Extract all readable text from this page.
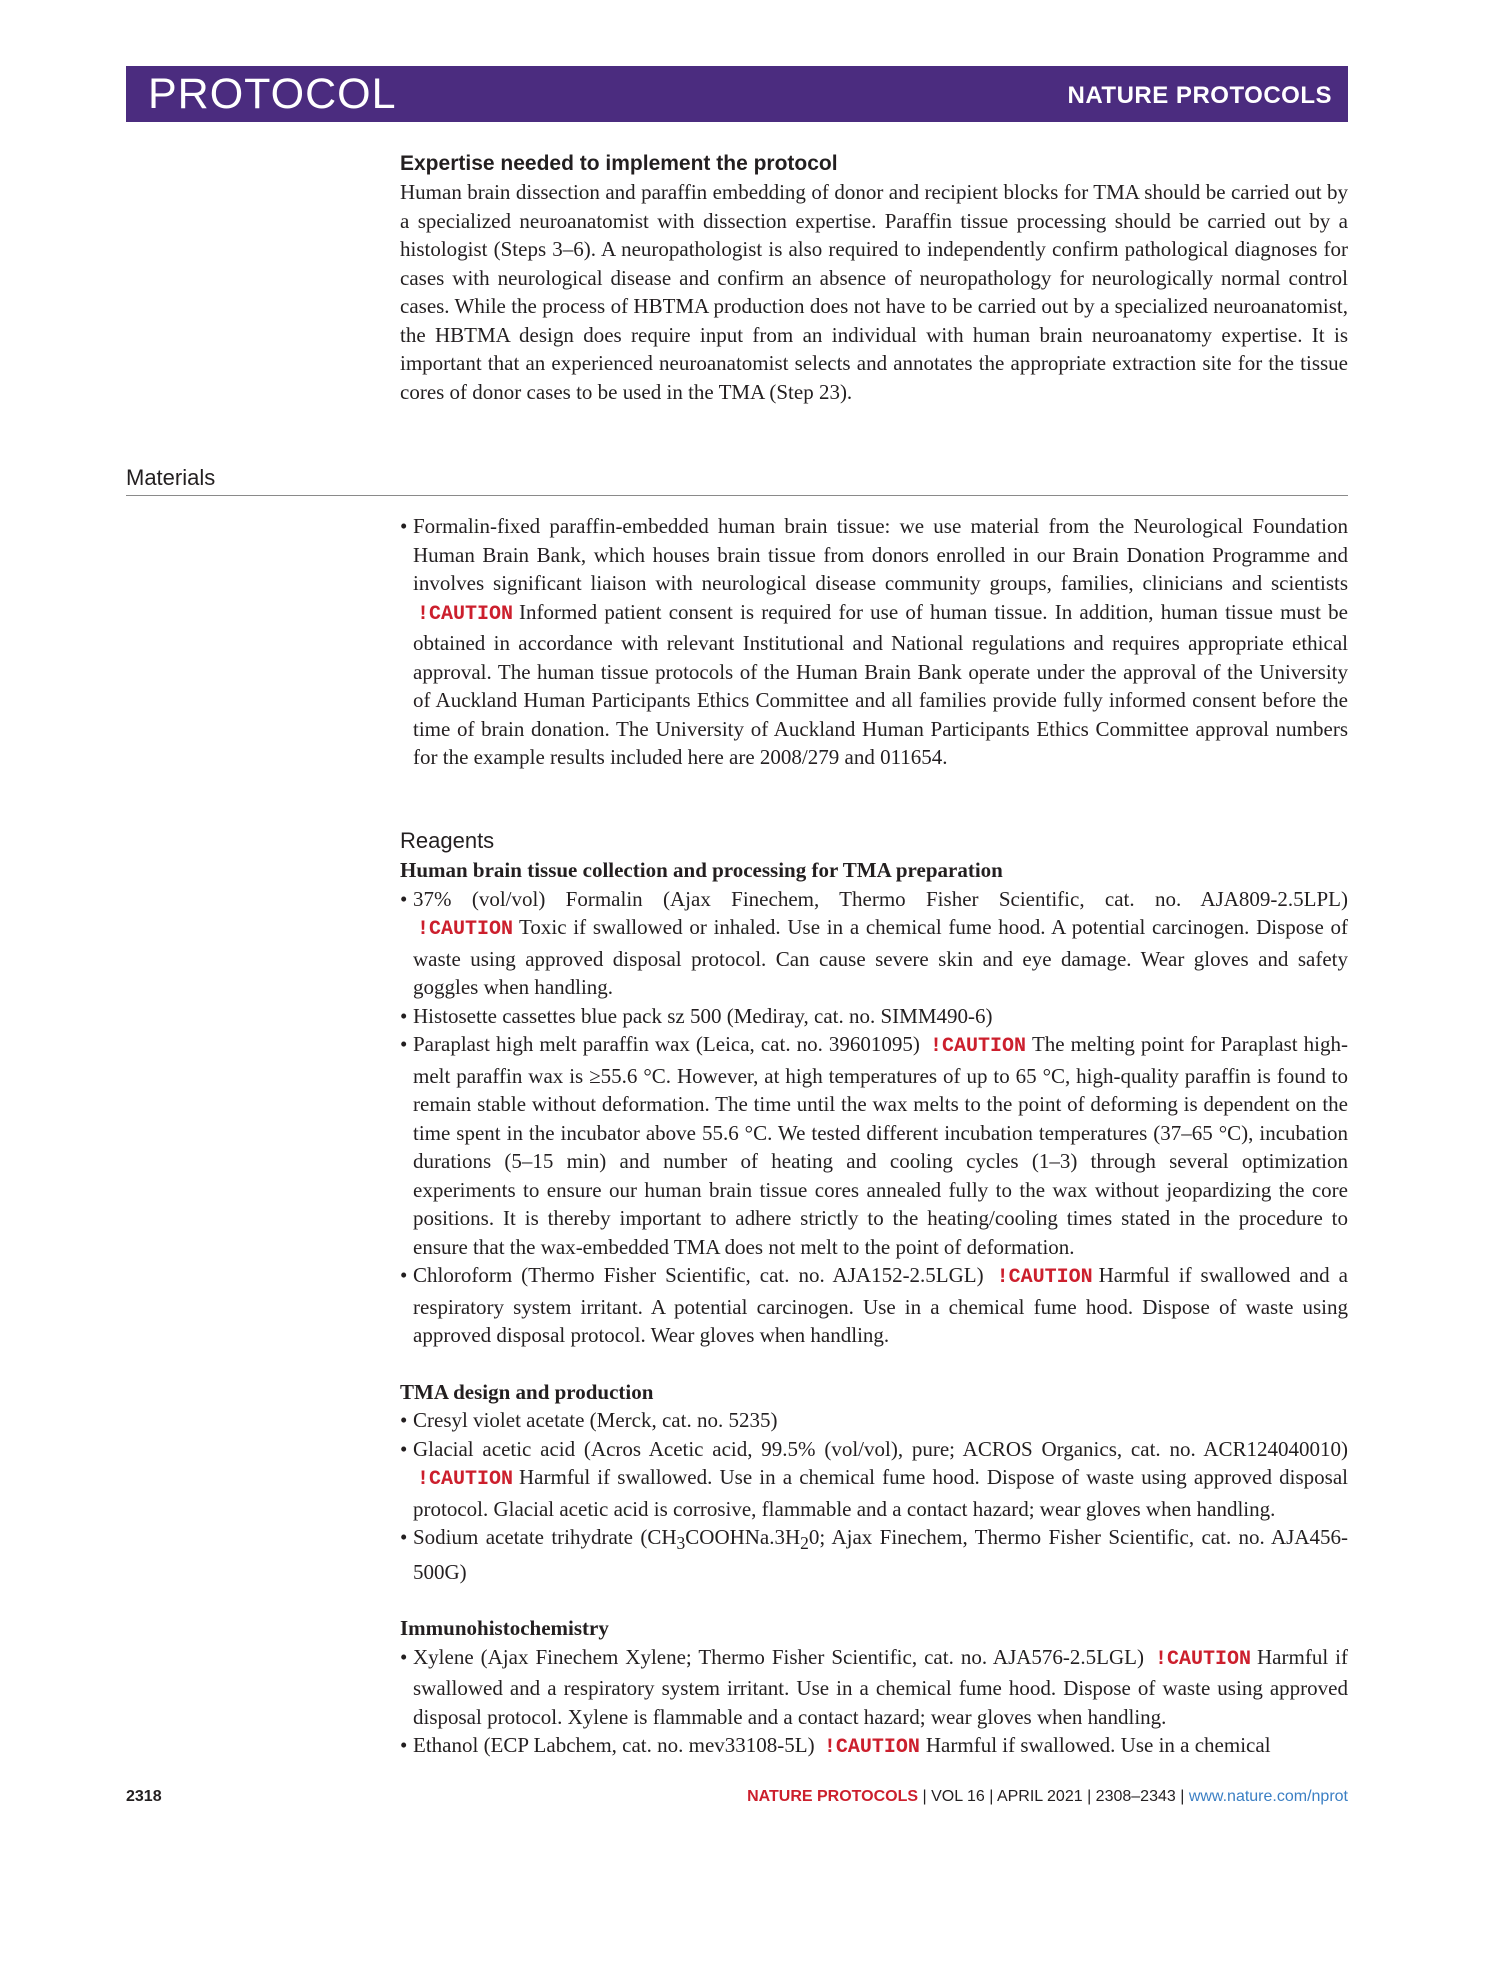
PROTOCOL	NATURE PROTOCOLS

Expertise needed to implement the protocol

Human brain dissection and paraffin embedding of donor and recipient blocks for TMA should be carried out by a specialized neuroanatomist with dissection expertise. Paraffin tissue processing should be carried out by a histologist (Steps 3–6). A neuropathologist is also required to independently confirm pathological diagnoses for cases with neurological disease and confirm an absence of neuropathology for neurologically normal control cases. While the process of HBTMA production does not have to be carried out by a specialized neuroanatomist, the HBTMA design does require input from an individual with human brain neuroanatomy expertise. It is important that an experienced neuroanatomist selects and annotates the appropriate extraction site for the tissue cores of donor cases to be used in the TMA (Step 23).

Materials

• Formalin-fixed paraffin-embedded human brain tissue: we use material from the Neurological Foundation Human Brain Bank, which houses brain tissue from donors enrolled in our Brain Donation Programme and involves significant liaison with neurological disease community groups, families, clinicians and scientists !CAUTION Informed patient consent is required for use of human tissue. In addition, human tissue must be obtained in accordance with relevant Institutional and National regulations and requires appropriate ethical approval. The human tissue protocols of the Human Brain Bank operate under the approval of the University of Auckland Human Participants Ethics Committee and all families provide fully informed consent before the time of brain donation. The University of Auckland Human Participants Ethics Committee approval numbers for the example results included here are 2008/279 and 011654.

Reagents

Human brain tissue collection and processing for TMA preparation

• 37% (vol/vol) Formalin (Ajax Finechem, Thermo Fisher Scientific, cat. no. AJA809-2.5LPL) !CAUTION Toxic if swallowed or inhaled. Use in a chemical fume hood. A potential carcinogen. Dispose of waste using approved disposal protocol. Can cause severe skin and eye damage. Wear gloves and safety goggles when handling.

• Histosette cassettes blue pack sz 500 (Mediray, cat. no. SIMM490-6)

• Paraplast high melt paraffin wax (Leica, cat. no. 39601095) !CAUTION The melting point for Paraplast high-melt paraffin wax is ≥55.6 °C. However, at high temperatures of up to 65 °C, high-quality paraffin is found to remain stable without deformation. The time until the wax melts to the point of deforming is dependent on the time spent in the incubator above 55.6 °C. We tested different incubation temperatures (37–65 °C), incubation durations (5–15 min) and number of heating and cooling cycles (1–3) through several optimization experiments to ensure our human brain tissue cores annealed fully to the wax without jeopardizing the core positions. It is thereby important to adhere strictly to the heating/cooling times stated in the procedure to ensure that the wax-embedded TMA does not melt to the point of deformation.

• Chloroform (Thermo Fisher Scientific, cat. no. AJA152-2.5LGL) !CAUTION Harmful if swallowed and a respiratory system irritant. A potential carcinogen. Use in a chemical fume hood. Dispose of waste using approved disposal protocol. Wear gloves when handling.

TMA design and production

• Cresyl violet acetate (Merck, cat. no. 5235)

• Glacial acetic acid (Acros Acetic acid, 99.5% (vol/vol), pure; ACROS Organics, cat. no. ACR124040010) !CAUTION Harmful if swallowed. Use in a chemical fume hood. Dispose of waste using approved disposal protocol. Glacial acetic acid is corrosive, flammable and a contact hazard; wear gloves when handling.

• Sodium acetate trihydrate ($CH_3COOHNa.3H_20$; Ajax Finechem, Thermo Fisher Scientific, cat. no. AJA456-500G)

Immunohistochemistry

• Xylene (Ajax Finechem Xylene; Thermo Fisher Scientific, cat. no. AJA576-2.5LGL) !CAUTION Harmful if swallowed and a respiratory system irritant. Use in a chemical fume hood. Dispose of waste using approved disposal protocol. Xylene is flammable and a contact hazard; wear gloves when handling.

• Ethanol (ECP Labchem, cat. no. mev33108-5L) !CAUTION Harmful if swallowed. Use in a chemical

2318	NATURE PROTOCOLS | VOL 16 | APRIL 2021 | 2308–2343 | www.nature.com/nprot
